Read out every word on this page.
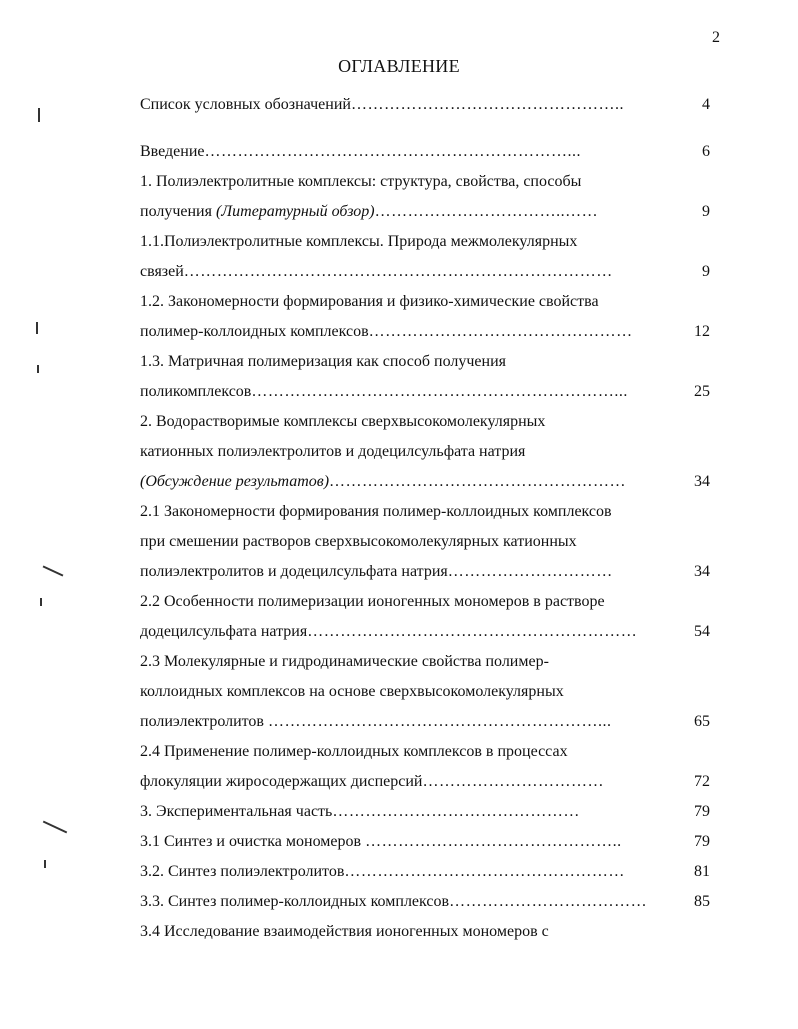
2
ОГЛАВЛЕНИЕ
Список условных обозначений…………………………………………..	4
Введение…………………………………………………………...	6
1. Полиэлектролитные комплексы: структура, свойства, способы
получения (Литературный обзор)……………………………..……	9
1.1.Полиэлектролитные комплексы. Природа межмолекулярных
связей……………………………………………………………………	9
1.2. Закономерности формирования и физико-химические свойства
полимер-коллоидных комплексов…………………………………………	12
1.3. Матричная полимеризация как способ получения
поликомплексов…………………………………………………………...	25
2. Водорастворимые комплексы сверхвысокомолекулярных
катионных полиэлектролитов и додецилсульфата натрия
(Обсуждение результатов)………………………………………………	34
2.1 Закономерности формирования полимер-коллоидных комплексов
при смешении растворов сверхвысокомолекулярных катионных
полиэлектролитов и додецилсульфата натрия…………………………	34
2.2 Особенности полимеризации ионогенных мономеров в растворе
додецилсульфата натрия……………………………………………………	54
2.3 Молекулярные и гидродинамические свойства полимер-
коллоидных комплексов на основе сверхвысокомолекулярных
полиэлектролитов ……………………………………………………...	65
2.4 Применение полимер-коллоидных комплексов в процессах
флокуляции жиросодержащих дисперсий……………………………	72
3. Экспериментальная часть………………………………………	79
3.1 Синтез и очистка мономеров ………………………………………..	79
3.2. Синтез полиэлектролитов……………………………………………	81
3.3. Синтез полимер-коллоидных комплексов………………………………	85
3.4 Исследование взаимодействия ионогенных мономеров с
